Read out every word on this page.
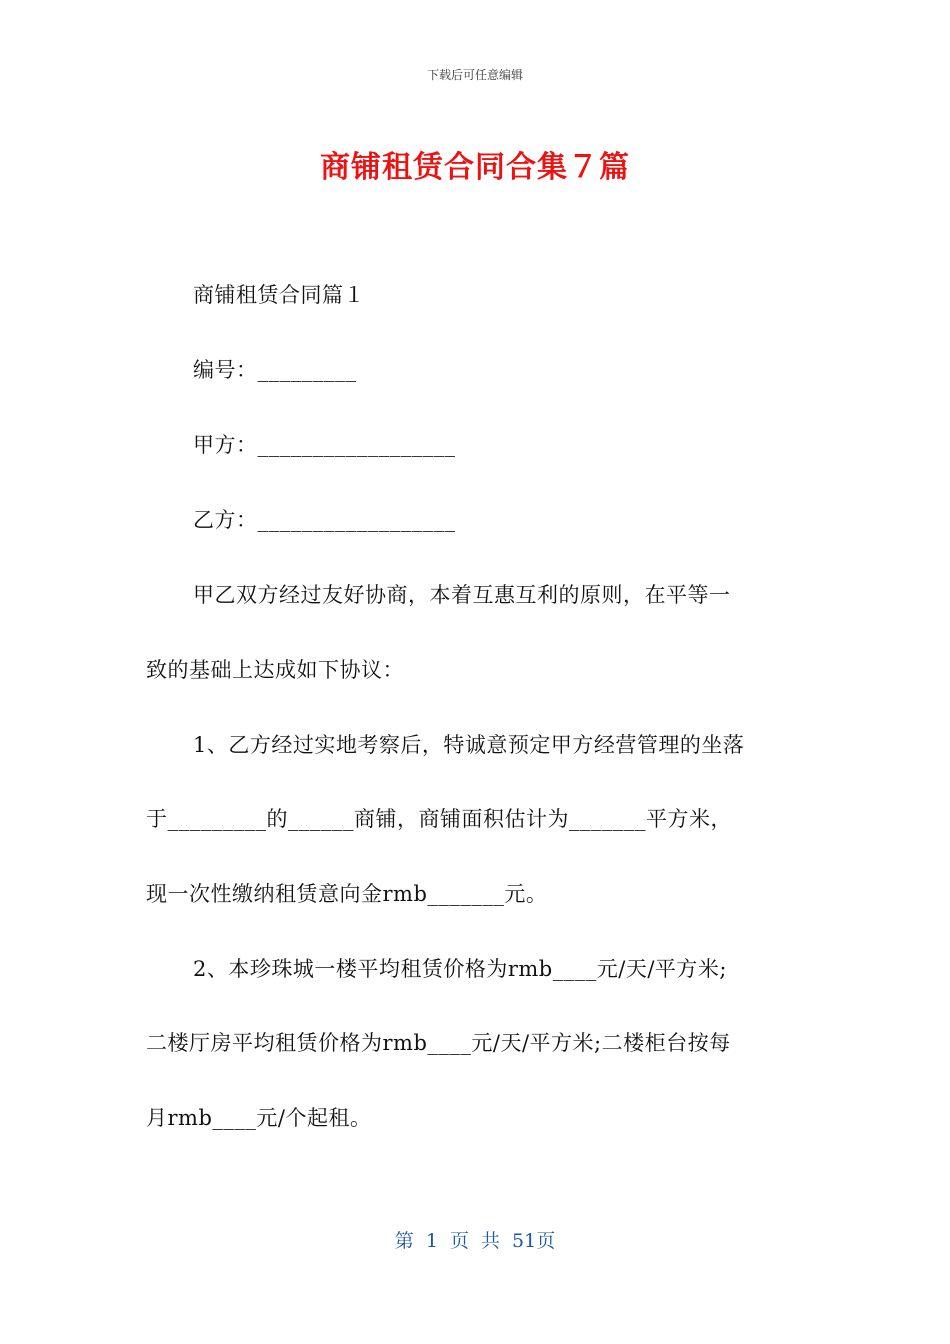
下载后可任意编辑
商铺租赁合同合集７篇
商铺租赁合同篇１
编号：_________
甲方：__________________
乙方：__________________
甲乙双方经过友好协商，本着互惠互利的原则，在平等一
致的基础上达成如下协议：
1、乙方经过实地考察后，特诚意预定甲方经营管理的坐落
于_________的______商铺，商铺面积估计为_______平方米，
现一次性缴纳租赁意向金rmb_______元。
2、本珍珠城一楼平均租赁价格为rmb____元/天/平方米;
二楼厅房平均租赁价格为rmb____元/天/平方米;二楼柜台按每
月rmb____元/个起租。
第 1 页 共 51页
